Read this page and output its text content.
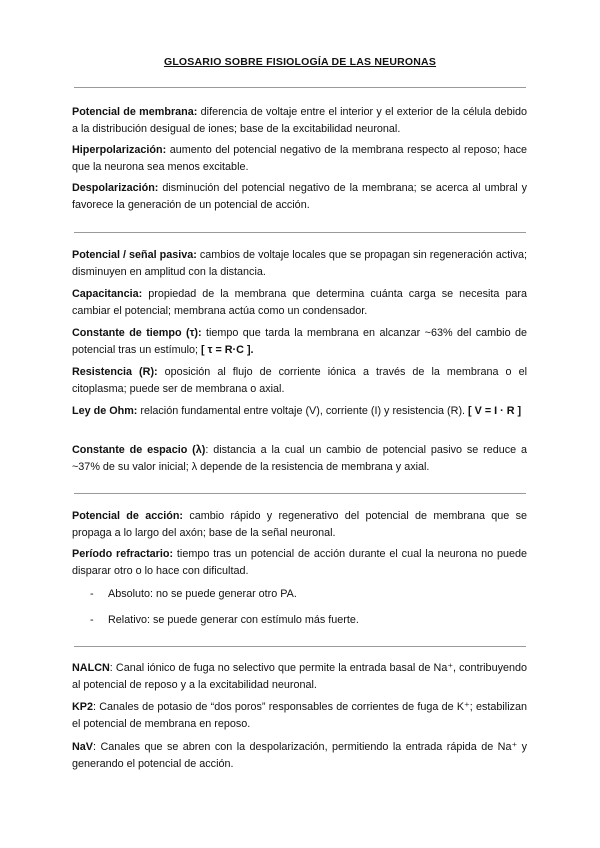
GLOSARIO SOBRE FISIOLOGÍA DE LAS NEURONAS

Potencial de membrana: diferencia de voltaje entre el interior y el exterior de la célula debido a la distribución desigual de iones; base de la excitabilidad neuronal.

Hiperpolarización: aumento del potencial negativo de la membrana respecto al reposo; hace que la neurona sea menos excitable.

Despolarización: disminución del potencial negativo de la membrana; se acerca al umbral y favorece la generación de un potencial de acción.

Potencial / señal pasiva: cambios de voltaje locales que se propagan sin regeneración activa; disminuyen en amplitud con la distancia.

Capacitancia: propiedad de la membrana que determina cuánta carga se necesita para cambiar el potencial; membrana actúa como un condensador.

Constante de tiempo (τ): tiempo que tarda la membrana en alcanzar ~63% del cambio de potencial tras un estímulo; [ τ = R·C ].

Resistencia (R): oposición al flujo de corriente iónica a través de la membrana o el citoplasma; puede ser de membrana o axial.

Ley de Ohm: relación fundamental entre voltaje (V), corriente (I) y resistencia (R). [ V = I · R ]

Constante de espacio (λ): distancia a la cual un cambio de potencial pasivo se reduce a ~37% de su valor inicial; λ depende de la resistencia de membrana y axial.

Potencial de acción: cambio rápido y regenerativo del potencial de membrana que se propaga a lo largo del axón; base de la señal neuronal.

Período refractario: tiempo tras un potencial de acción durante el cual la neurona no puede disparar otro o lo hace con dificultad.

- Absoluto: no se puede generar otro PA.

- Relativo: se puede generar con estímulo más fuerte.

NALCN: Canal iónico de fuga no selectivo que permite la entrada basal de Na⁺, contribuyendo al potencial de reposo y a la excitabilidad neuronal.

KP2: Canales de potasio de “dos poros” responsables de corrientes de fuga de K⁺; estabilizan el potencial de membrana en reposo.

NaV: Canales que se abren con la despolarización, permitiendo la entrada rápida de Na⁺ y generando el potencial de acción.
